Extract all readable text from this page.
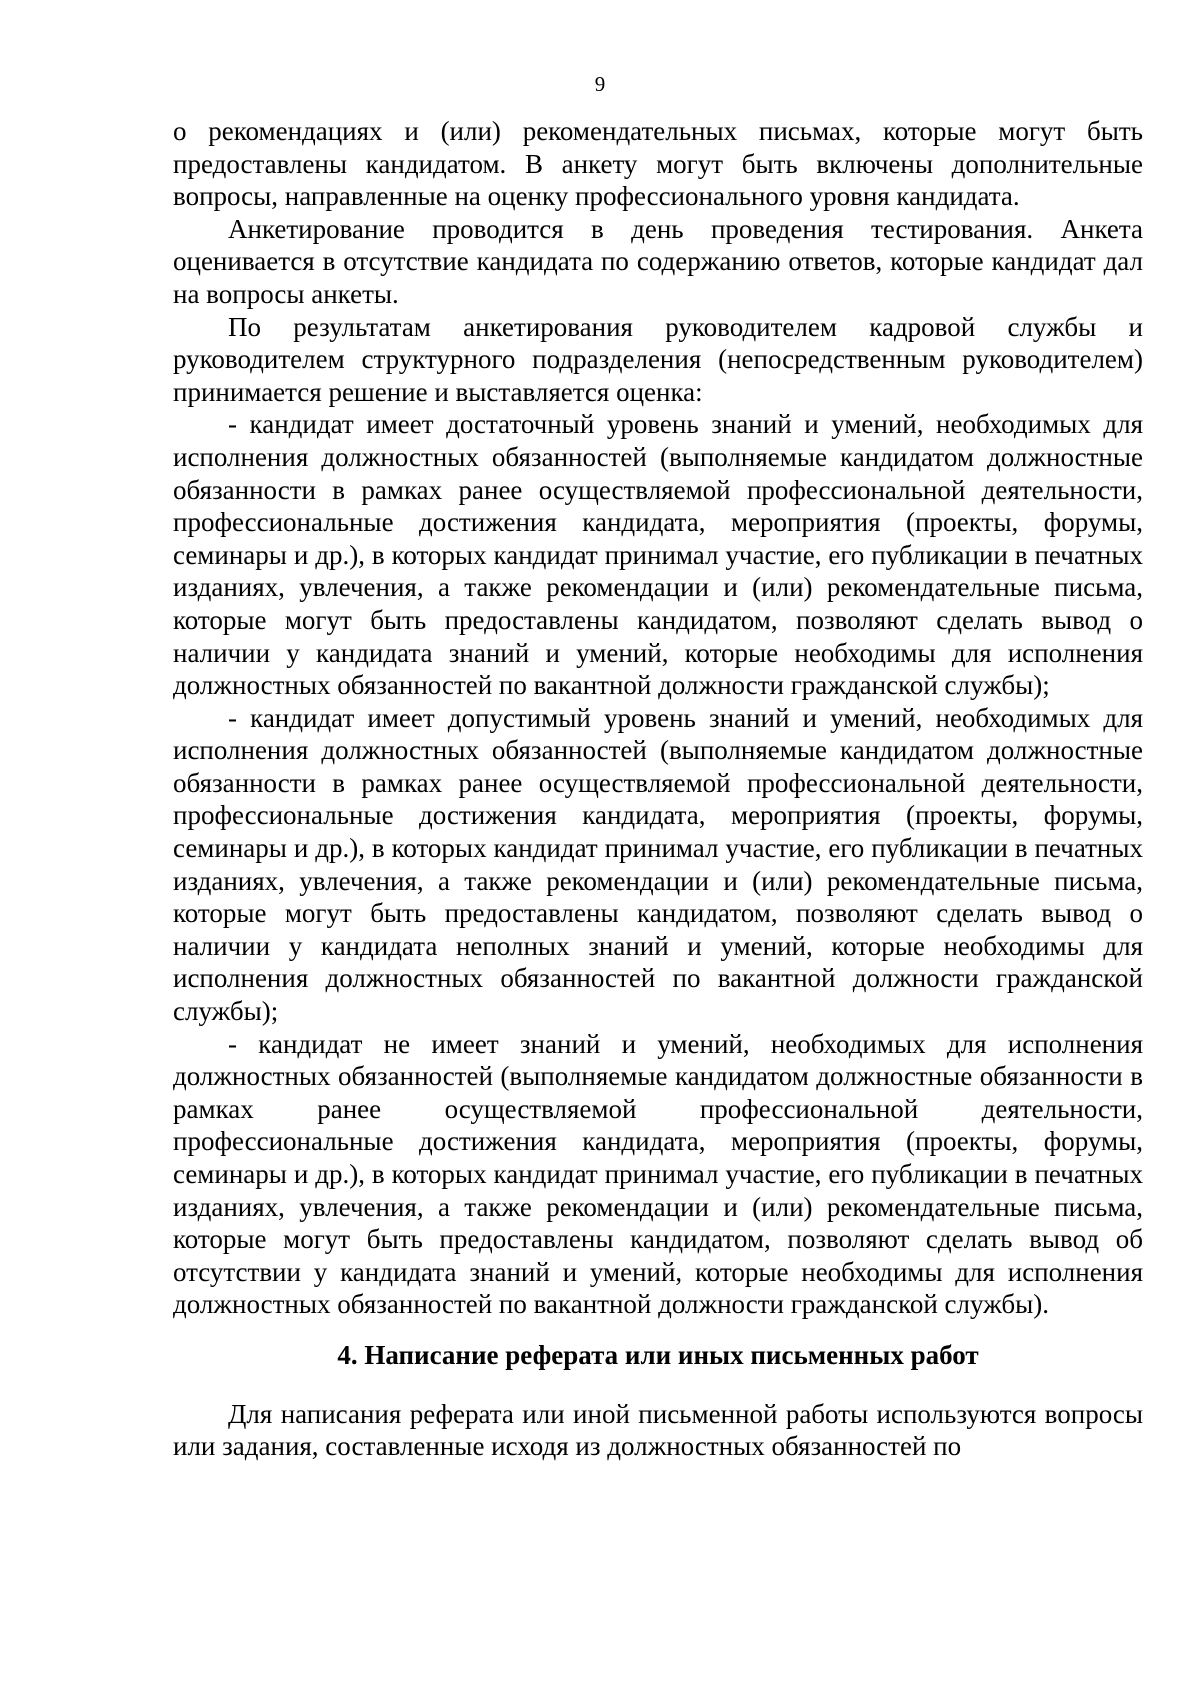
9

о рекомендациях и (или) рекомендательных письмах, которые могут быть предоставлены кандидатом. В анкету могут быть включены дополнительные вопросы, направленные на оценку профессионального уровня кандидата.

Анкетирование проводится в день проведения тестирования. Анкета оценивается в отсутствие кандидата по содержанию ответов, которые кандидат дал на вопросы анкеты.

По результатам анкетирования руководителем кадровой службы и руководителем структурного подразделения (непосредственным руководителем) принимается решение и выставляется оценка:

- кандидат имеет достаточный уровень знаний и умений, необходимых для исполнения должностных обязанностей (выполняемые кандидатом должностные обязанности в рамках ранее осуществляемой профессиональной деятельности, профессиональные достижения кандидата, мероприятия (проекты, форумы, семинары и др.), в которых кандидат принимал участие, его публикации в печатных изданиях, увлечения, а также рекомендации и (или) рекомендательные письма, которые могут быть предоставлены кандидатом, позволяют сделать вывод о наличии у кандидата знаний и умений, которые необходимы для исполнения должностных обязанностей по вакантной должности гражданской службы);

- кандидат имеет допустимый уровень знаний и умений, необходимых для исполнения должностных обязанностей (выполняемые кандидатом должностные обязанности в рамках ранее осуществляемой профессиональной деятельности, профессиональные достижения кандидата, мероприятия (проекты, форумы, семинары и др.), в которых кандидат принимал участие, его публикации в печатных изданиях, увлечения, а также рекомендации и (или) рекомендательные письма, которые могут быть предоставлены кандидатом, позволяют сделать вывод о наличии у кандидата неполных знаний и умений, которые необходимы для исполнения должностных обязанностей по вакантной должности гражданской службы);

- кандидат не имеет знаний и умений, необходимых для исполнения должностных обязанностей (выполняемые кандидатом должностные обязанности в рамках ранее осуществляемой профессиональной деятельности, профессиональные достижения кандидата, мероприятия (проекты, форумы, семинары и др.), в которых кандидат принимал участие, его публикации в печатных изданиях, увлечения, а также рекомендации и (или) рекомендательные письма, которые могут быть предоставлены кандидатом, позволяют сделать вывод об отсутствии у кандидата знаний и умений, которые необходимы для исполнения должностных обязанностей по вакантной должности гражданской службы).

4. Написание реферата или иных письменных работ

Для написания реферата или иной письменной работы используются вопросы или задания, составленные исходя из должностных обязанностей по
